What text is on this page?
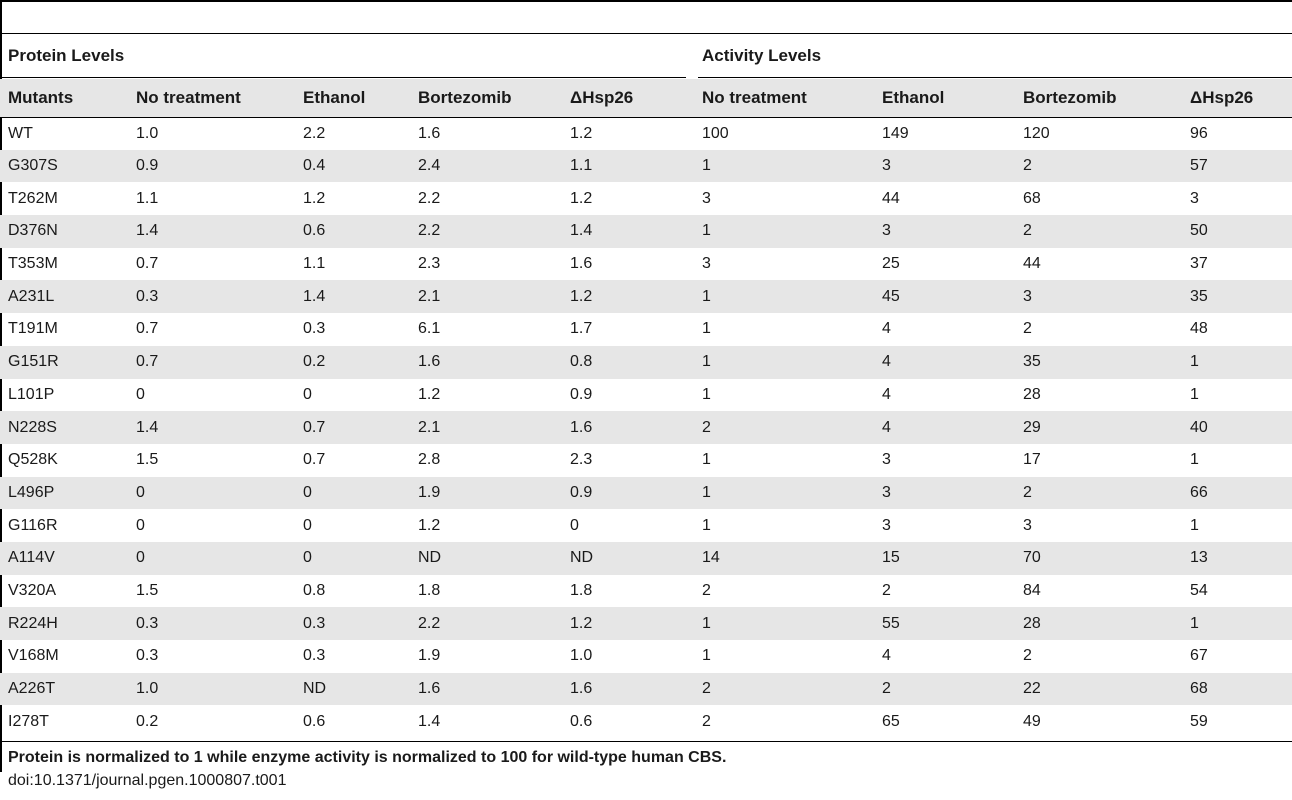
Protein Levels	Activity Levels
Mutants	No treatment	Ethanol	Bortezomib	ΔHsp26	No treatment	Ethanol	Bortezomib	ΔHsp26
WT	1.0	2.2	1.6	1.2	100	149	120	96
G307S	0.9	0.4	2.4	1.1	1	3	2	57
T262M	1.1	1.2	2.2	1.2	3	44	68	3
D376N	1.4	0.6	2.2	1.4	1	3	2	50
T353M	0.7	1.1	2.3	1.6	3	25	44	37
A231L	0.3	1.4	2.1	1.2	1	45	3	35
T191M	0.7	0.3	6.1	1.7	1	4	2	48
G151R	0.7	0.2	1.6	0.8	1	4	35	1
L101P	0	0	1.2	0.9	1	4	28	1
N228S	1.4	0.7	2.1	1.6	2	4	29	40
Q528K	1.5	0.7	2.8	2.3	1	3	17	1
L496P	0	0	1.9	0.9	1	3	2	66
G116R	0	0	1.2	0	1	3	3	1
A114V	0	0	ND	ND	14	15	70	13
V320A	1.5	0.8	1.8	1.8	2	2	84	54
R224H	0.3	0.3	2.2	1.2	1	55	28	1
V168M	0.3	0.3	1.9	1.0	1	4	2	67
A226T	1.0	ND	1.6	1.6	2	2	22	68
I278T	0.2	0.6	1.4	0.6	2	65	49	59
Protein is normalized to 1 while enzyme activity is normalized to 100 for wild-type human CBS.
doi:10.1371/journal.pgen.1000807.t001
